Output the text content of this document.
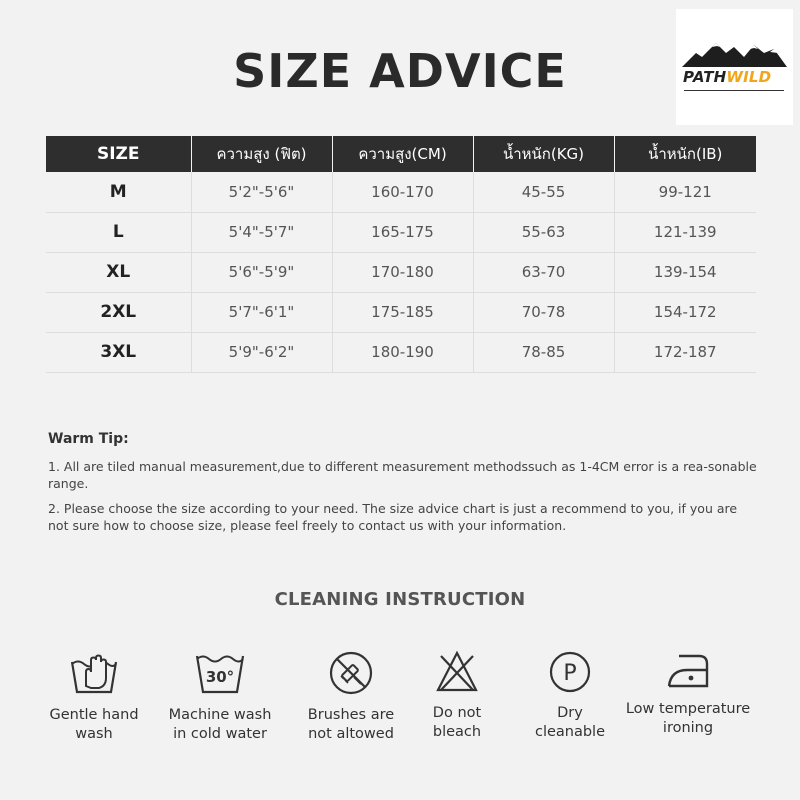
SIZE ADVICE	PATHWILD
SIZE	ความสูง (ฟิต)	ความสูง(CM)	น้ำหนัก(KG)	น้ำหนัก(IB)
M	5'2"-5'6"	160-170	45-55	99-121
L	5'4"-5'7"	165-175	55-63	121-139
XL	5'6"-5'9"	170-180	63-70	139-154
2XL	5'7"-6'1"	175-185	70-78	154-172
3XL	5'9"-6'2"	180-190	78-85	172-187
Warm Tip:
1. All are tiled manual measurement,due to different measurement methodssuch as 1-4CM error is a rea-sonable range.
2. Please choose the size according to your need. The size advice chart is just a recommend to you, if you are not sure how to choose size, please feel freely to contact us with your information.
CLEANING INSTRUCTION
Gentle hand
wash
30°
Machine wash
in cold water
Brushes are
not altowed
Do not
bleach
P
Dry
cleanable
Low temperature
ironing
